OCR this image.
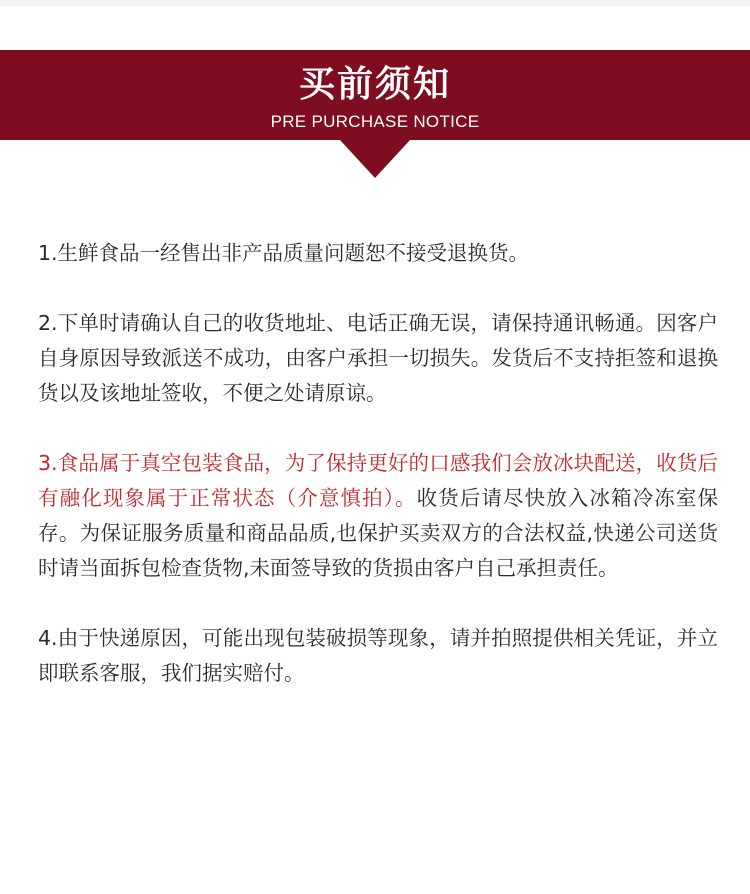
买前须知
PRE PURCHASE NOTICE

1.生鲜食品一经售出非产品质量问题恕不接受退换货。

2.下单时请确认自己的收货地址、电话正确无误，请保持通讯畅通。因客户自身原因导致派送不成功，由客户承担一切损失。发货后不支持拒签和退换货以及该地址签收，不便之处请原谅。

3.食品属于真空包装食品，为了保持更好的口感我们会放冰块配送，收货后有融化现象属于正常状态（介意慎拍）。收货后请尽快放入冰箱冷冻室保存。为保证服务质量和商品品质,也保护买卖双方的合法权益,快递公司送货时请当面拆包检查货物,未面签导致的货损由客户自己承担责任。

4.由于快递原因，可能出现包装破损等现象，请并拍照提供相关凭证，并立即联系客服，我们据实赔付。
